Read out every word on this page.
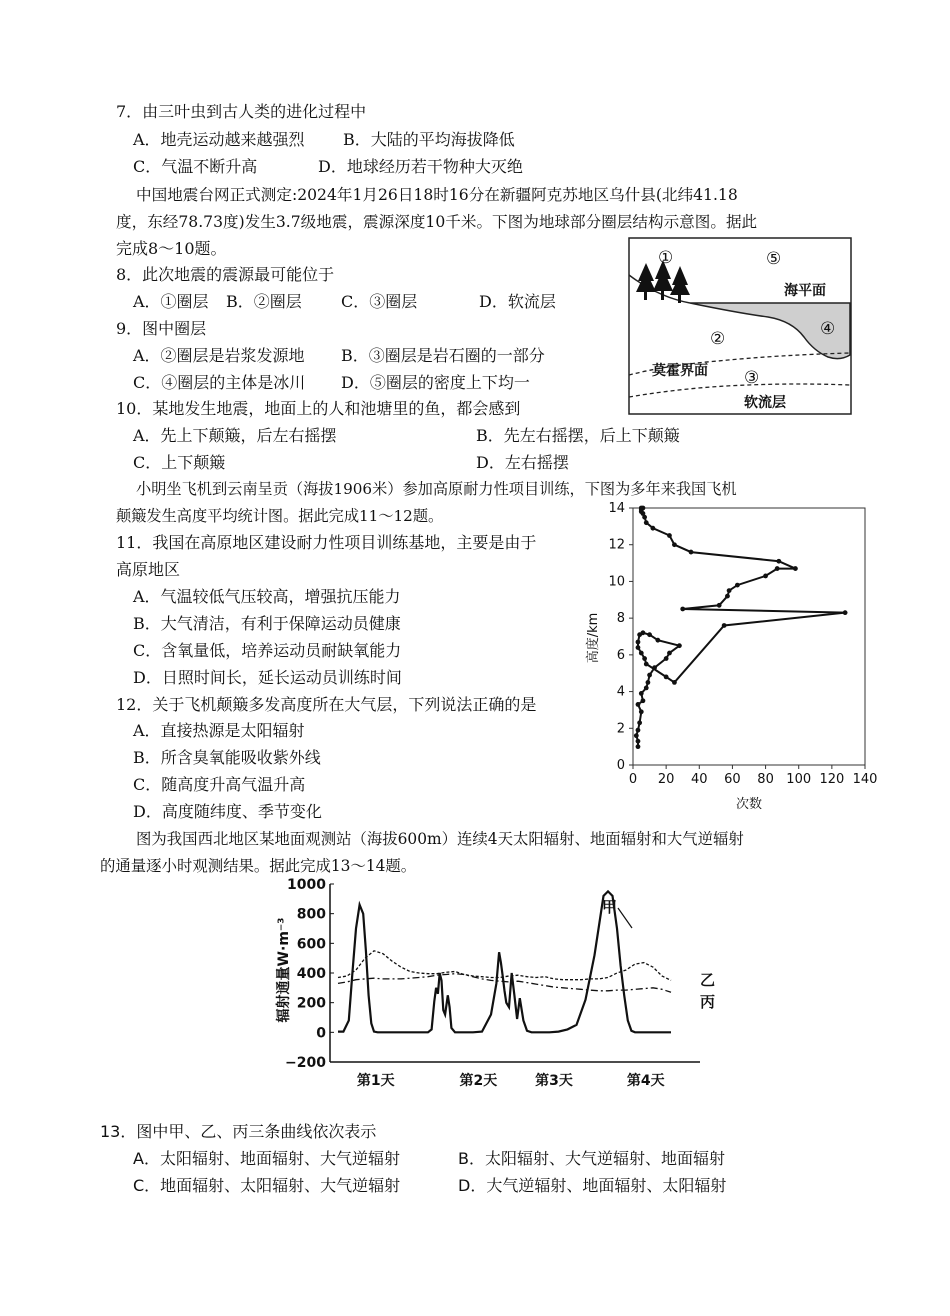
7．由三叶虫到古人类的进化过程中
A．地壳运动越来越强烈 B．大陆的平均海拔降低
C．气温不断升高	D．地球经历若干物种大灭绝
中国地震台网正式测定:2024年1月26日18时16分在新疆阿克苏地区乌什县(北纬41.18
度，东经78.73度)发生3.7级地震，震源深度10千米。下图为地球部分圈层结构示意图。据此
完成8～10题。
8．此次地震的震源最可能位于
A．①圈层 B．②圈层 C．③圈层	D．软流层
9．图中圈层
A．②圈层是岩浆发源地 B．③圈层是岩石圈的一部分
C．④圈层的主体是冰川 D．⑤圈层的密度上下均一
10．某地发生地震，地面上的人和池塘里的鱼，都会感到
A．先上下颠簸，后左右摇摆	B．先左右摇摆，后上下颠簸
C．上下颠簸	D．左右摇摆
①	⑤
海平面
②	④
莫霍界面 ③
软流层
小明坐飞机到云南呈贡（海拔1906米）参加高原耐力性项目训练，下图为多年来我国飞机
颠簸发生高度平均统计图。据此完成11～12题。
11．我国在高原地区建设耐力性项目训练基地，主要是由于
高原地区
A．气温较低气压较高，增强抗压能力
B．大气清洁，有利于保障运动员健康
C．含氧量低，培养运动员耐缺氧能力
D．日照时间长，延长运动员训练时间
12．关于飞机颠簸多发高度所在大气层，下列说法正确的是
A．直接热源是太阳辐射
B．所含臭氧能吸收紫外线
C．随高度升高气温升高
D．高度随纬度、季节变化
0 20 40 60 80 100 120 140
0
2
4
6
8
10
12
14
次数
高度/km
图为我国西北地区某地面观测站（海拔600m）连续4天太阳辐射、地面辐射和大气逆辐射
的通量逐小时观测结果。据此完成13～14题。
1000
800
600
400
200
0
−200
第1天	第2天	第3天	第4天
甲
乙
丙
辐射通量W·m⁻³
13．图中甲、乙、丙三条曲线依次表示
A．太阳辐射、地面辐射、大气逆辐射	B．太阳辐射、大气逆辐射、地面辐射
C．地面辐射、太阳辐射、大气逆辐射	D．大气逆辐射、地面辐射、太阳辐射
